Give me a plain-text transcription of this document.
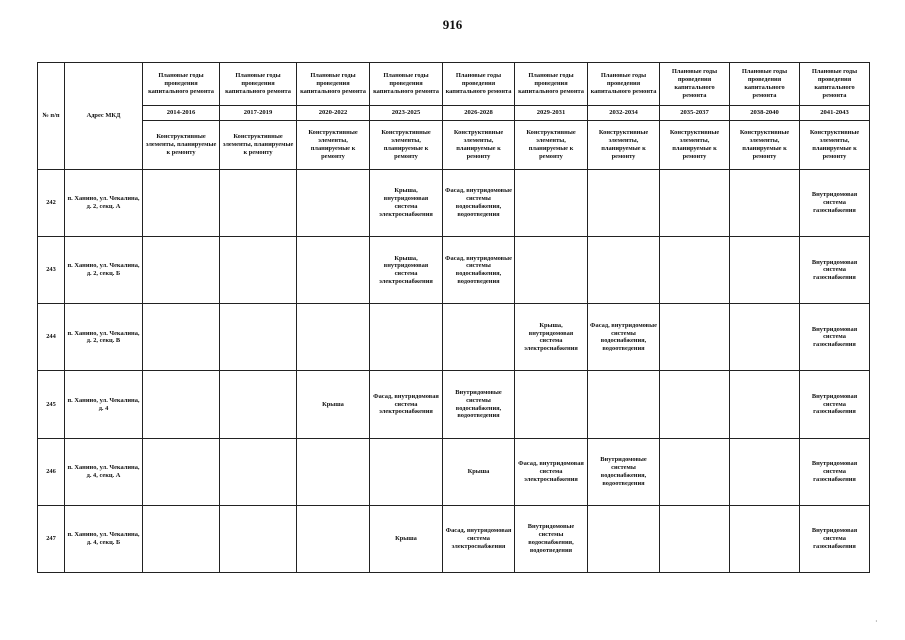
916
№ п/п	Адрес МКД	Плановые годы проведения капитального ремонта	Плановые годы проведения капитального ремонта	Плановые годы проведения капитального ремонта	Плановые годы проведения капитального ремонта	Плановые годы проведения капитального ремонта	Плановые годы проведения капитального ремонта	Плановые годы проведения капитального ремонта	Плановые годы проведения капитального ремонта	Плановые годы проведения капитального ремонта	Плановые годы проведения капитального ремонта
		2014-2016	2017-2019	2020-2022	2023-2025	2026-2028	2029-2031	2032-2034	2035-2037	2038-2040	2041-2043
		Конструктивные элементы, планируемые к ремонту	Конструктивные элементы, планируемые к ремонту	Конструктивные элементы, планируемые к ремонту	Конструктивные элементы, планируемые к ремонту	Конструктивные элементы, планируемые к ремонту	Конструктивные элементы, планируемые к ремонту	Конструктивные элементы, планируемые к ремонту	Конструктивные элементы, планируемые к ремонту	Конструктивные элементы, планируемые к ремонту	Конструктивные элементы, планируемые к ремонту
242	п. Ханино, ул. Чекалина, д. 2, секц. А				Крыша, внутридомовая система электроснабжения	Фасад, внутридомовые системы водоснабжения, водоотведения					Внутридомовая система газоснабжения
243	п. Ханино, ул. Чекалина, д. 2, секц. Б				Крыша, внутридомовая система электроснабжения	Фасад, внутридомовые системы водоснабжения, водоотведения					Внутридомовая система газоснабжения
244	п. Ханино, ул. Чекалина, д. 2, секц. В						Крыша, внутридомовая система электроснабжения	Фасад, внутридомовые системы водоснабжения, водоотведения			Внутридомовая система газоснабжения
245	п. Ханино, ул. Чекалина, д. 4			Крыша	Фасад, внутридомовая система электроснабжения	Внутридомовые системы водоснабжения, водоотведения					Внутридомовая система газоснабжения
246	п. Ханино, ул. Чекалина, д. 4, секц. А					Крыша	Фасад, внутридомовая система электроснабжения	Внутридомовые системы водоснабжения, водоотведения			Внутридомовая система газоснабжения
247	п. Ханино, ул. Чекалина, д. 4, секц. Б				Крыша	Фасад, внутридомовая система электроснабжения	Внутридомовые системы водоснабжения, водоотведения				Внутридомовая система газоснабжения
·
